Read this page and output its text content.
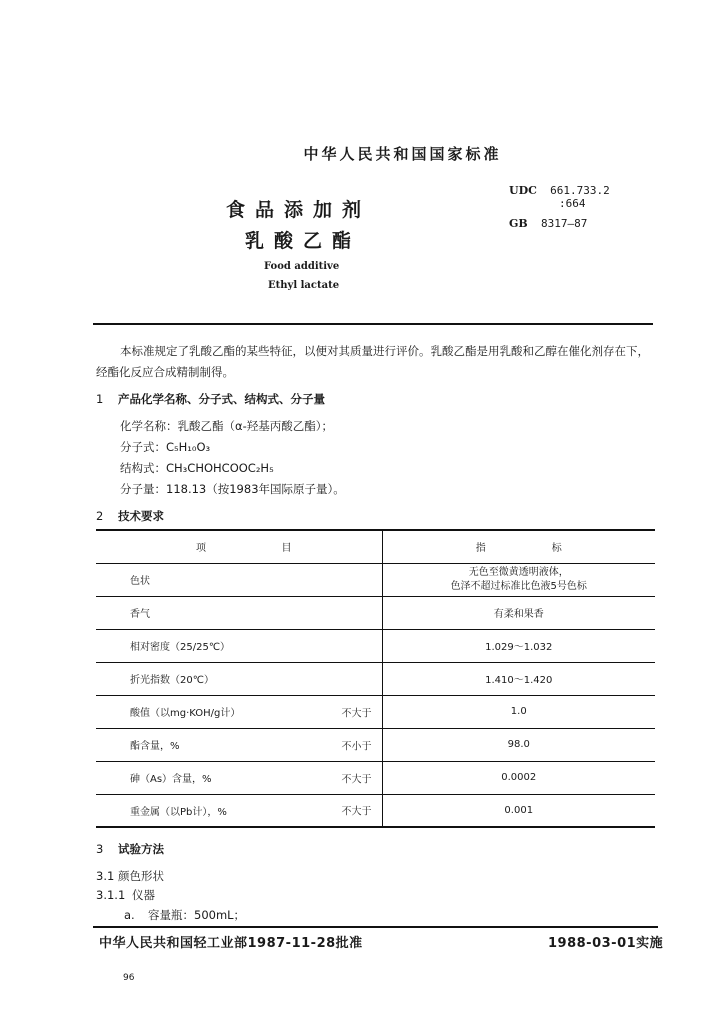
中华人民共和国国家标准
食品添加剂
乳酸乙酯
UDC 661.733.2
:664
GB 8317—87
Food additive
Ethyl lactate

本标准规定了乳酸乙酯的某些特征，以便对其质量进行评价。乳酸乙酯是用乳酸和乙醇在催化剂存在下，经酯化反应合成精制制得。

1 产品化学名称、分子式、结构式、分子量
化学名称：乳酸乙酯（α-羟基丙酸乙酯）；
分子式：C₅H₁₀O₃
结构式：CH₃CHOHCOOC₂H₅
分子量：118.13（按1983年国际原子量）。
2 技术要求
项 目	指 标
色状	无色至微黄透明液体，
色泽不超过标准比色液5号色标
香气	有柔和果香
相对密度（25/25℃）	1.029～1.032
折光指数（20℃）	1.410～1.420
酸值（以mg·KOH/g计） 不大于	1.0
酯含量，% 不小于	98.0
砷（As）含量，% 不大于	0.0002
重金属（以Pb计），% 不大于	0.001
3 试验方法
3.1 颜色形状
3.1.1 仪器
a. 容量瓶：500mL；
中华人民共和国轻工业部1987-11-28批准	1988-03-01实施
96
